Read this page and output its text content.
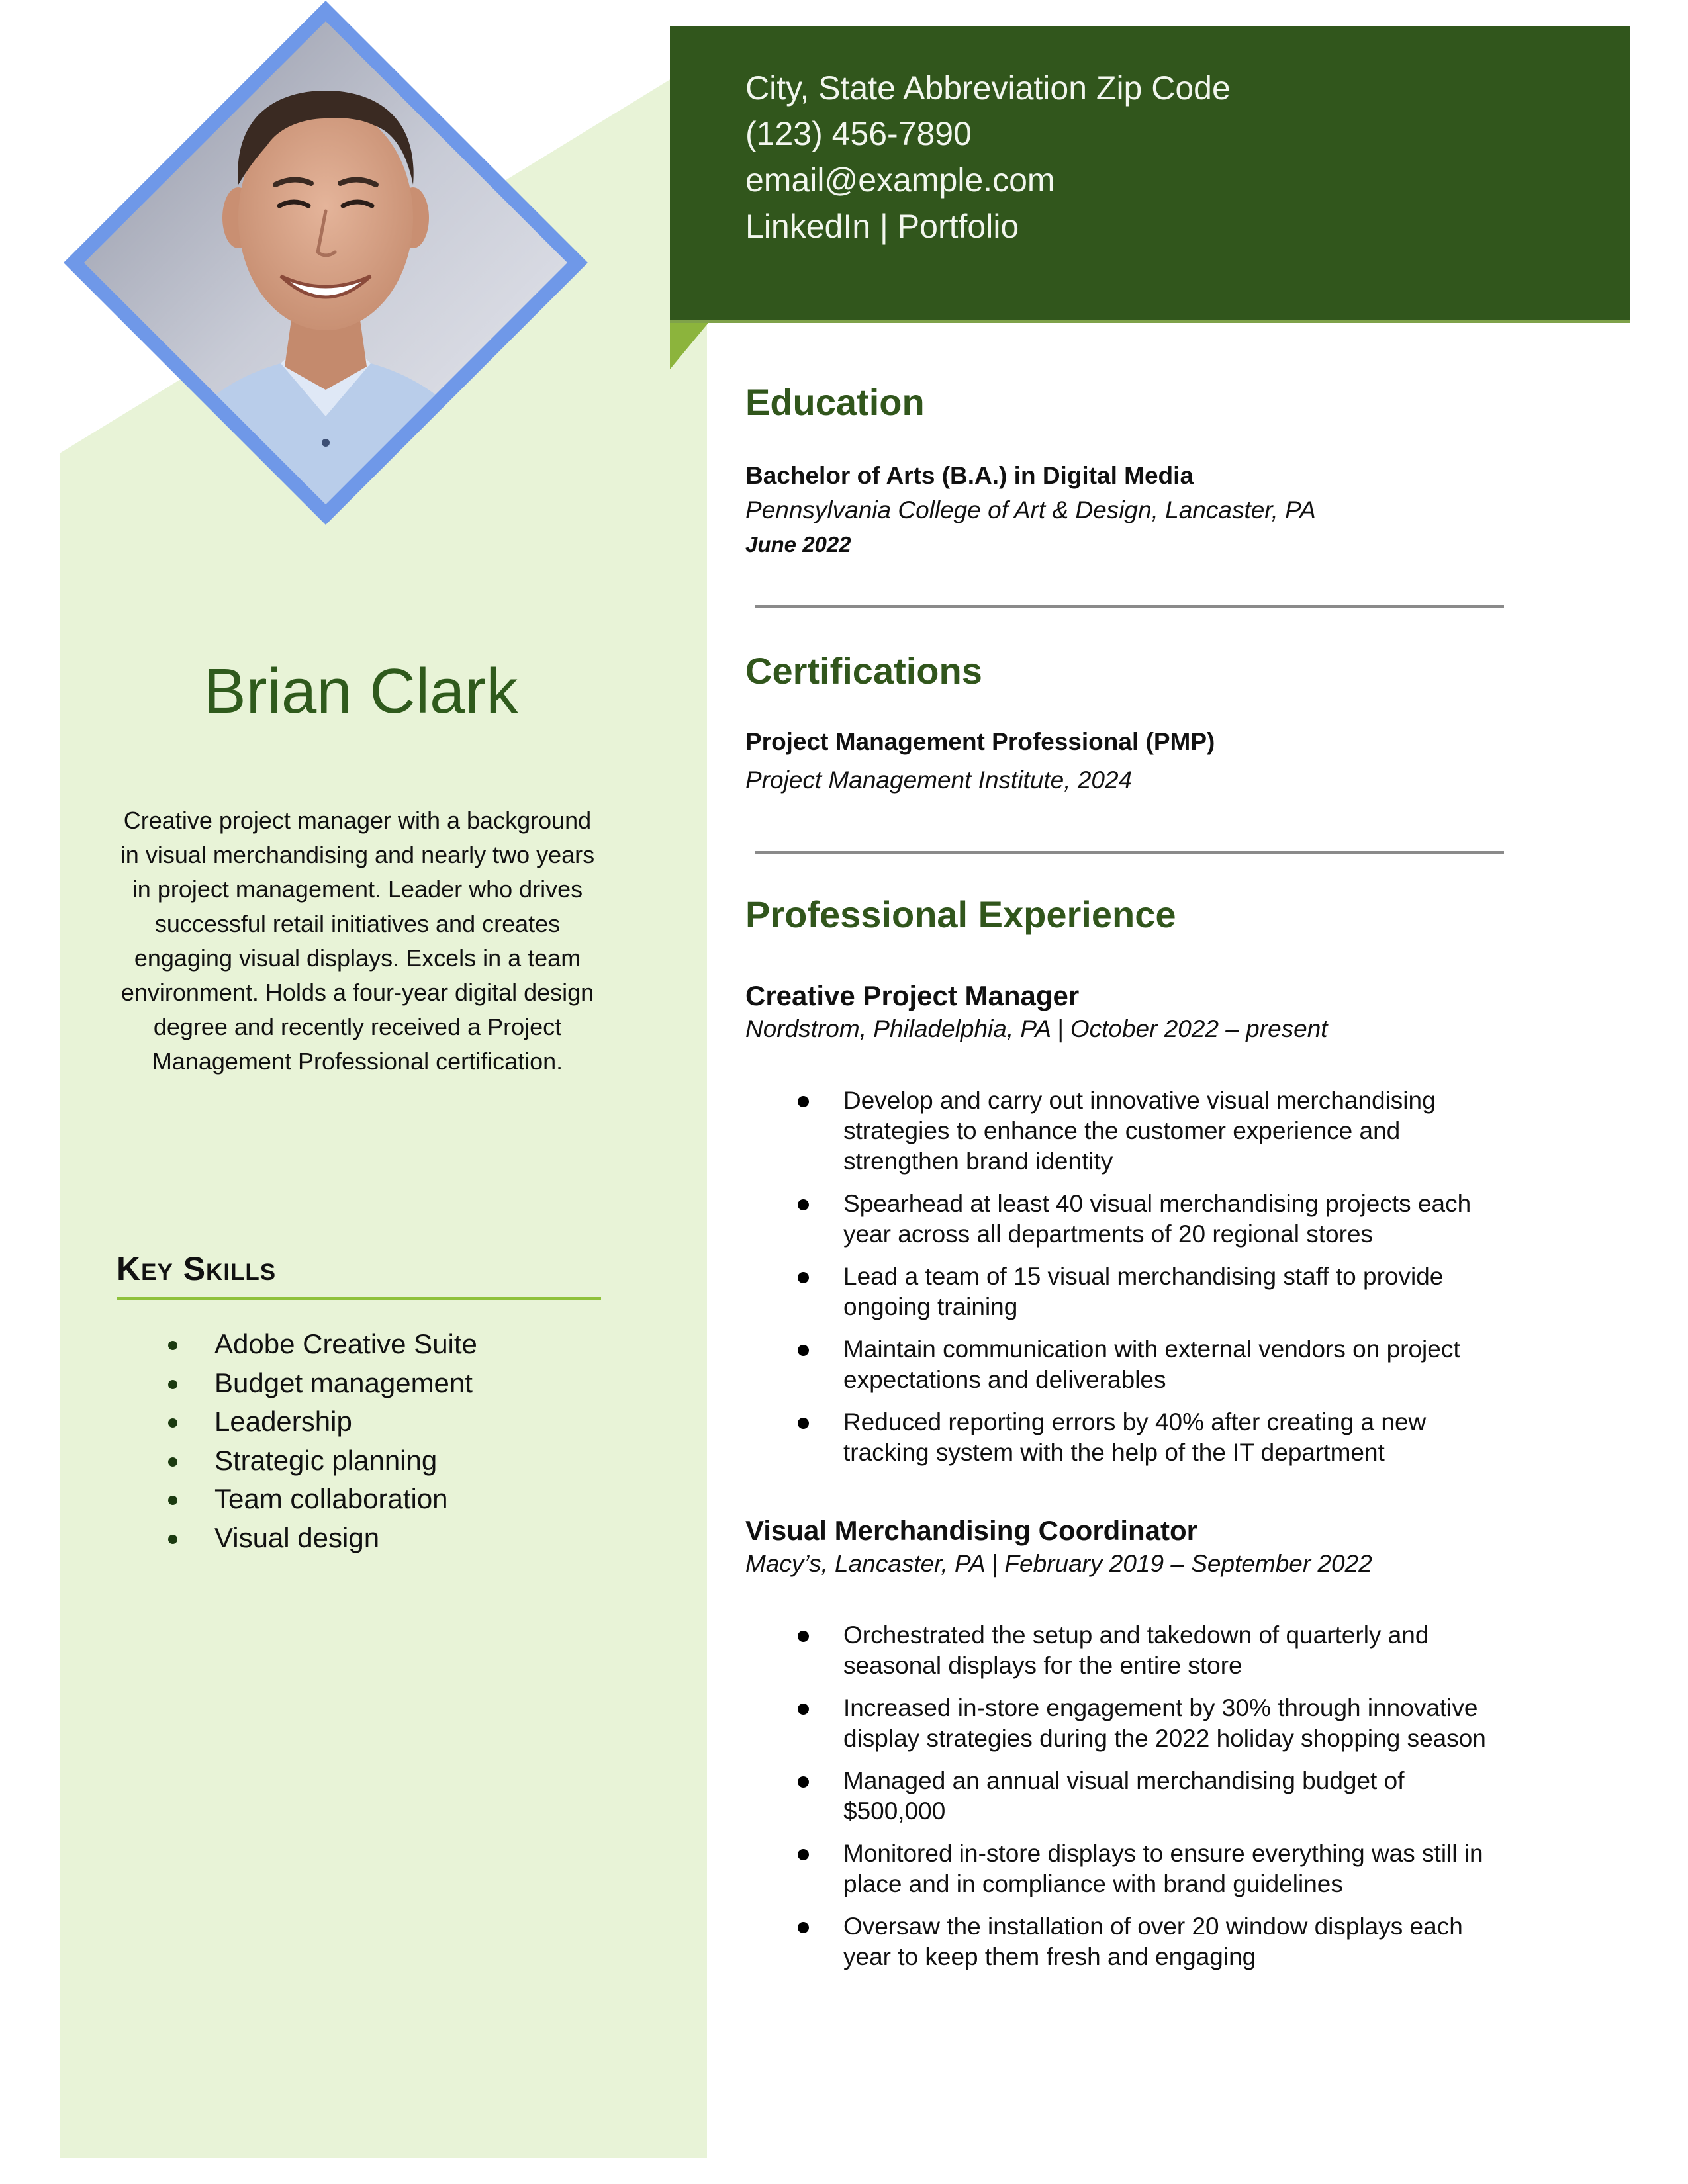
Brian Clark

Creative project manager with a background in visual merchandising and nearly two years in project management. Leader who drives successful retail initiatives and creates engaging visual displays. Excels in a team environment. Holds a four-year digital design degree and recently received a Project Management Professional certification.

Key Skills
Adobe Creative Suite
Budget management
Leadership
Strategic planning
Team collaboration
Visual design
City, State Abbreviation Zip Code
(123) 456-7890
email@example.com
LinkedIn | Portfolio
Education
Bachelor of Arts (B.A.) in Digital Media
Pennsylvania College of Art & Design, Lancaster, PA
June 2022
Certifications
Project Management Professional (PMP)
Project Management Institute, 2024
Professional Experience
Creative Project Manager
Nordstrom, Philadelphia, PA | October 2022 – present
Develop and carry out innovative visual merchandising strategies to enhance the customer experience and strengthen brand identity
Spearhead at least 40 visual merchandising projects each year across all departments of 20 regional stores
Lead a team of 15 visual merchandising staff to provide ongoing training
Maintain communication with external vendors on project expectations and deliverables
Reduced reporting errors by 40% after creating a new tracking system with the help of the IT department
Visual Merchandising Coordinator
Macy’s, Lancaster, PA | February 2019 – September 2022
Orchestrated the setup and takedown of quarterly and seasonal displays for the entire store
Increased in-store engagement by 30% through innovative display strategies during the 2022 holiday shopping season
Managed an annual visual merchandising budget of $500,000
Monitored in-store displays to ensure everything was still in place and in compliance with brand guidelines
Oversaw the installation of over 20 window displays each year to keep them fresh and engaging
